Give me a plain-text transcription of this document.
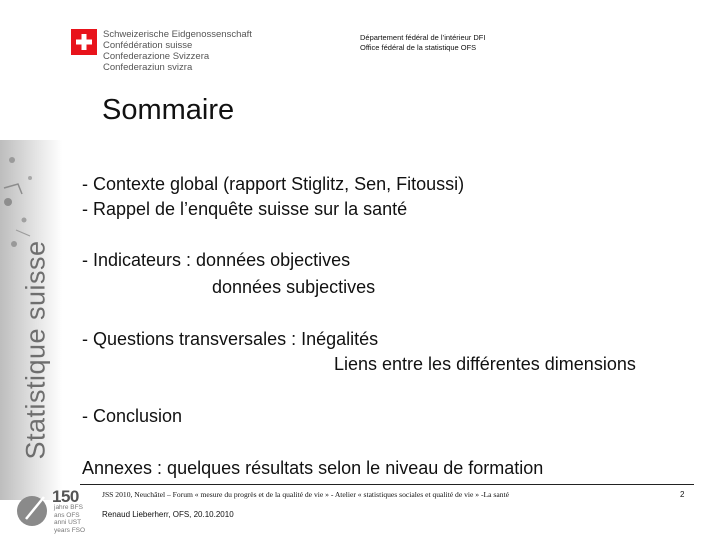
Schweizerische Eidgenossenschaft
Confédération suisse
Confederazione Svizzera
Confederaziun svizra
Département fédéral de l’intérieur DFI
Office fédéral de la statistique OFS
Statistique suisse
Sommaire
- Contexte global (rapport Stiglitz, Sen, Fitoussi)
- Rappel de l’enquête suisse sur la santé
- Indicateurs : données objectives
données subjectives
- Questions transversales : Inégalités
Liens entre les différentes dimensions
- Conclusion
Annexes : quelques résultats selon le niveau de formation
JSS 2010, Neuchâtel – Forum « mesure du progrès et de la qualité de vie » - Atelier « statistiques sociales et qualité de vie » -La santé
Renaud Lieberherr, OFS, 20.10.2010
2
150
jahre BFS
ans OFS
anni UST
years FSO
